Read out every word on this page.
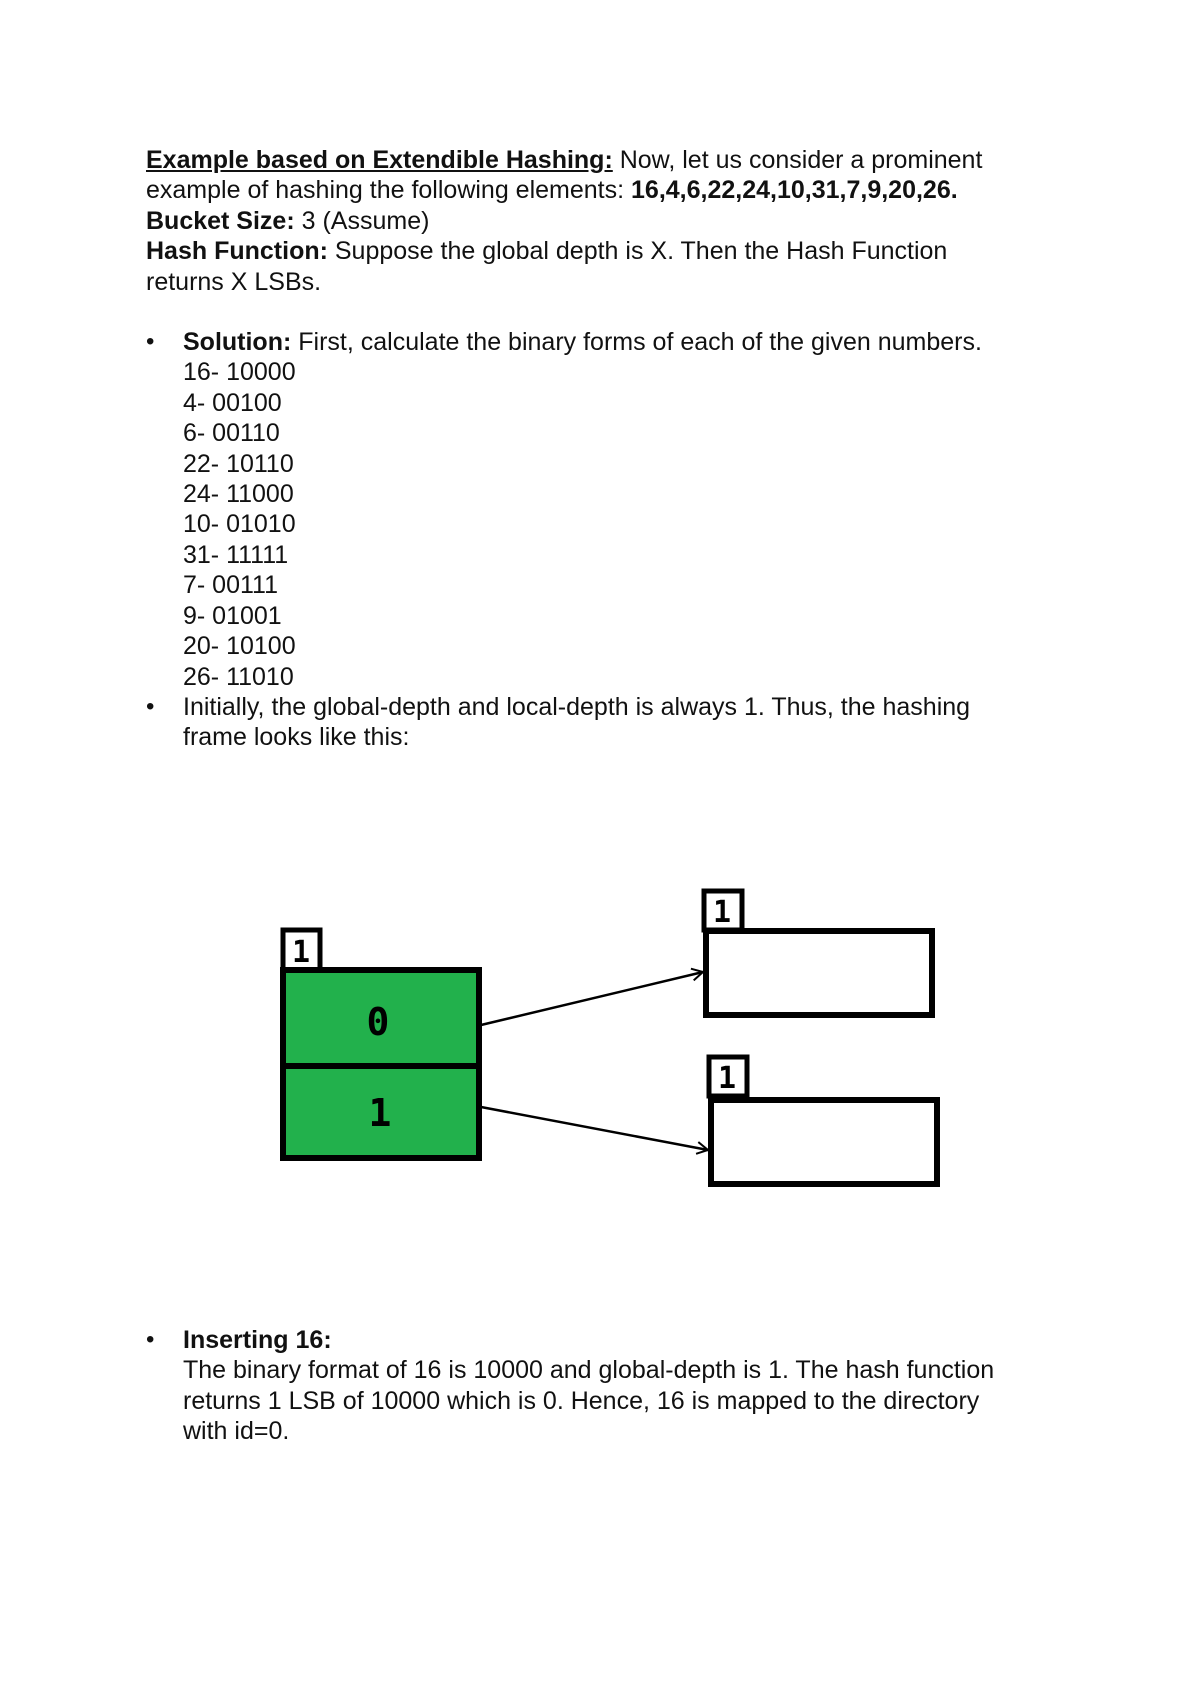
Example based on Extendible Hashing: Now, let us consider a prominent
example of hashing the following elements: 16,4,6,22,24,10,31,7,9,20,26.
Bucket Size: 3 (Assume)
Hash Function: Suppose the global depth is X. Then the Hash Function
returns X LSBs.
• Solution: First, calculate the binary forms of each of the given numbers.
16- 10000
4- 00100
6- 00110
22- 10110
24- 11000
10- 01010
31- 11111
7- 00111
9- 01001
20- 10100
26- 11010
• Initially, the global-depth and local-depth is always 1. Thus, the hashing
frame looks like this:
1
0
1
1
1
• Inserting 16:
The binary format of 16 is 10000 and global-depth is 1. The hash function
returns 1 LSB of 10000 which is 0. Hence, 16 is mapped to the directory
with id=0.
